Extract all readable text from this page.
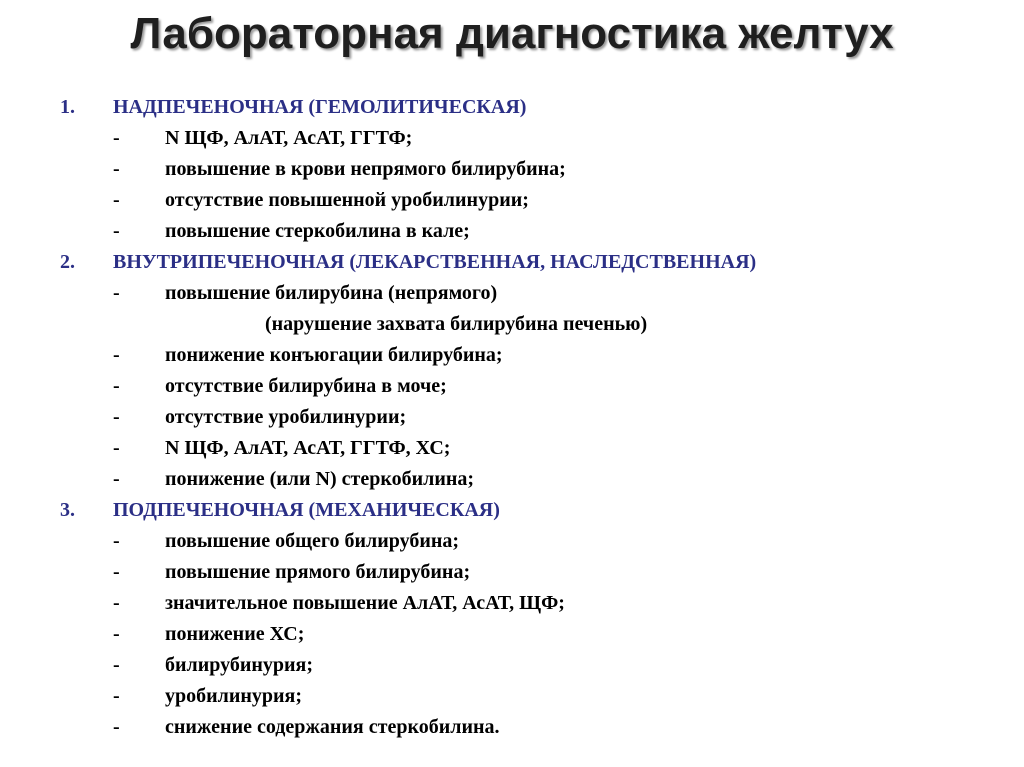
Лабораторная диагностика желтух
1.	НАДПЕЧЕНОЧНАЯ (ГЕМОЛИТИЧЕСКАЯ)
-	N ЩФ, АлАТ, АсАТ, ГГТФ;
-	повышение в крови непрямого билирубина;
-	отсутствие повышенной уробилинурии;
-	повышение стеркобилина в кале;
2.	ВНУТРИПЕЧЕНОЧНАЯ (ЛЕКАРСТВЕННАЯ, НАСЛЕДСТВЕННАЯ)
-	повышение билирубина (непрямого)
(нарушение захвата билирубина печенью)
-	понижение конъюгации билирубина;
-	отсутствие билирубина в моче;
-	отсутствие уробилинурии;
-	N ЩФ, АлАТ, АсАТ, ГГТФ, ХС;
-	понижение (или N) стеркобилина;
3.	ПОДПЕЧЕНОЧНАЯ (МЕХАНИЧЕСКАЯ)
-	повышение общего билирубина;
-	повышение прямого билирубина;
-	значительное повышение АлАТ, АсАТ, ЩФ;
-	понижение ХС;
-	билирубинурия;
-	уробилинурия;
-	снижение содержания стеркобилина.
